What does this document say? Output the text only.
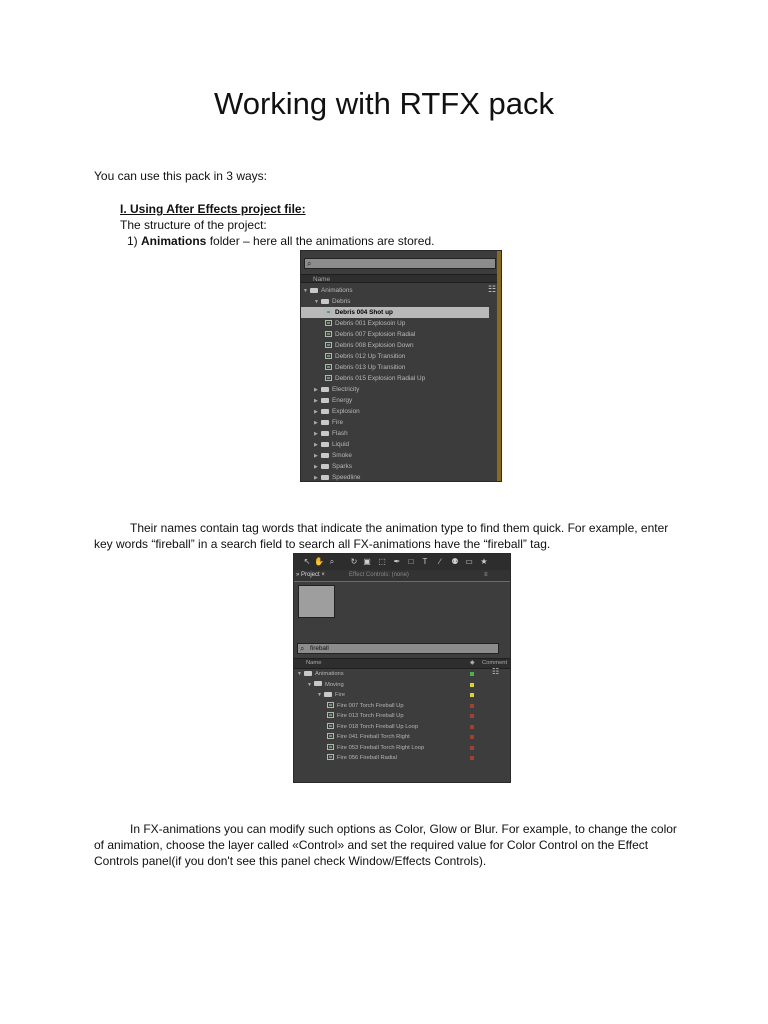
Working with RTFX pack
You can use this pack in 3 ways:
I. Using After Effects project file:
The structure of the project:
1) Animations folder – here all the animations are stored.
⌕
Name
☷
▼ Animations
▼ Debris
Debris 004 Shot up
Debris 001 Explosoin Up
Debris 007 Explosion Radial
Debris 008 Explosion Down
Debris 012 Up Transition
Debris 013 Up Transition
Debris 015 Explosion Radial Up
▶ Electricity
▶ Energy
▶ Explosion
▶ Fire
▶ Flash
▶ Liquid
▶ Smoke
▶ Sparks
▶ Speedline
Their names contain tag words that indicate the animation type to find them quick. For example, enter key words “fireball” in a search field to search all FX-animations have the “fireball” tag.
↖ ✋ ⌕	↻ ▣ ⬚ ✒	□	T	∕	⚉ ▭ ★
» Project ×	Effect Controls: (none)	≡
⌕ fireball
Name	◆ Comment
☷
▼ Animations
▼ Moving
▼ Fire
Fire 007 Torch Fireball Up
Fire 013 Torch Fireball Up
Fire 018 Torch Fireball Up Loop
Fire 041 Fireball Torch Right
Fire 053 Fireball Torch Right Loop
Fire 056 Fireball Radial
In FX-animations you can modify such options as Color, Glow or Blur. For example, to change the color of animation, choose the layer called «Control» and set the required value for Color Control on the Effect Controls panel(if you don't see this panel check Window/Effects Controls).
